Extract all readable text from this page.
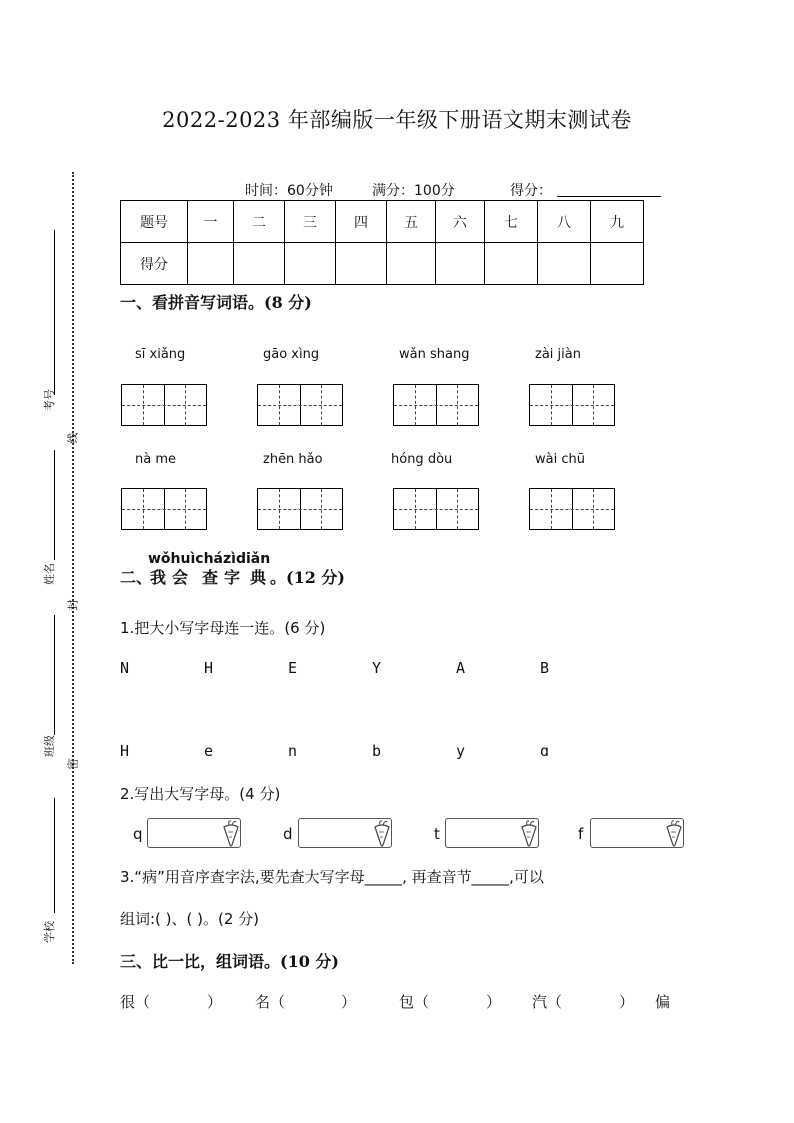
2022-2023 年部编版一年级下册语文期末测试卷
时间：60分钟	满分：100分	得分：
题号	一	二	三	四	五	六	七	八	九
得分									
考号
线
姓名
封
班级
密
学校
一、看拼音写词语。(8 分)
sī xiǎng	gāo xìng	wǎn shang	zài jiàn
nà me	zhēn hǎo	hóng dòu	wài chū
wǒhuìcházìdiǎn
二、
我 会 查 字 典 。(12 分)
1.把大小写字母连一连。(6 分)
N	H	E	Y	A	B
H	e	n	b	y	ɑ
2.写出大写字母。(4 分)
q	d	t	f
3.“病”用音序查字法,要先查大写字母_____, 再查音节_____,可以
组词:( )、( )。(2 分)
三、比一比，组词语。(10 分)
很（	） 名（	）	包（	） 汽（	） 偏
